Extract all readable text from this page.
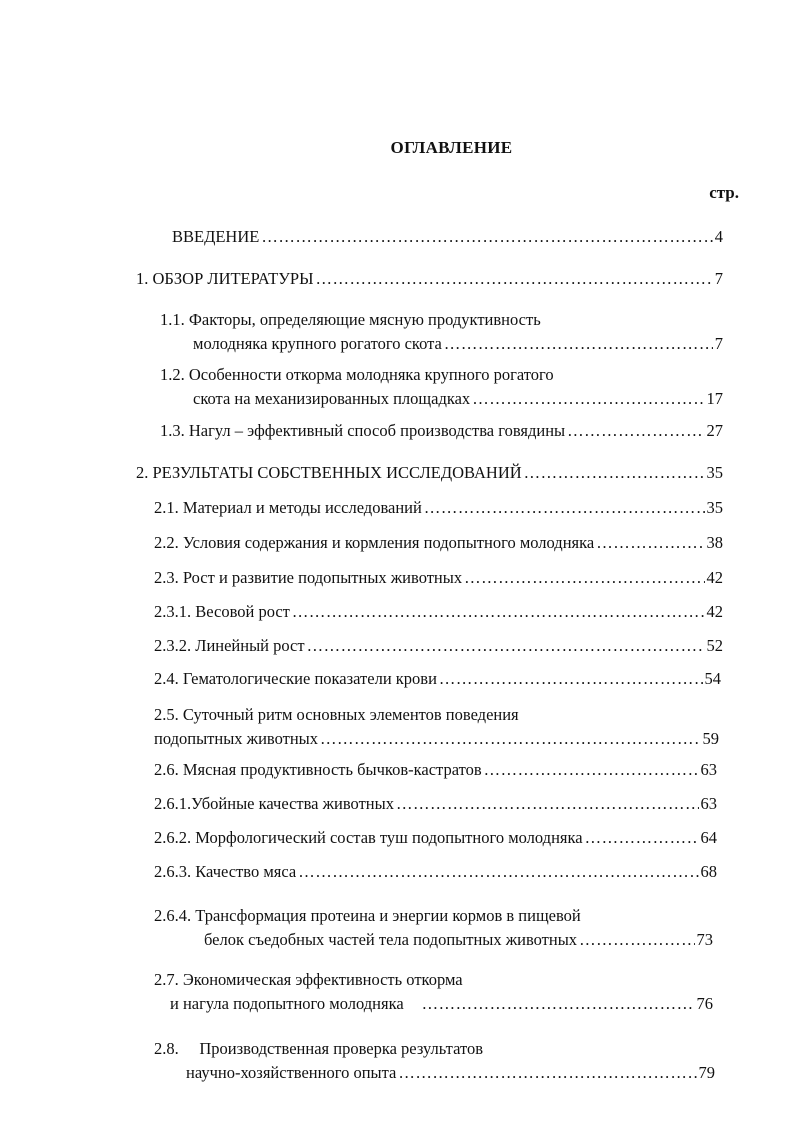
ОГЛАВЛЕНИЕ
стр.
ВВЕДЕНИЕ ……………………………………………………………………………………………………………………………………………………………………………………	4
1. ОБЗОР ЛИТЕРАТУРЫ ……………………………………………………………………………………………………………………………………………………………………………………	7
1.1. Факторы, определяющие мясную продуктивность
молодняка крупного рогатого скота ……………………………………………………………………………………………………………………………………………………………………………………	7
1.2. Особенности откорма молодняка крупного рогатого
скота на механизированных площадках ……………………………………………………………………………………………………………………………………………………………………………………	17
1.3. Нагул – эффективный способ производства говядины ……………………………………………………………………………………………………………………………………………………………………………………	27
2. РЕЗУЛЬТАТЫ СОБСТВЕННЫХ ИССЛЕДОВАНИЙ ……………………………………………………………………………………………………………………………………………………………………………………	35
2.1. Материал и методы исследований ……………………………………………………………………………………………………………………………………………………………………………………	35
2.2. Условия содержания и кормления подопытного молодняка ……………………………………………………………………………………………………………………………………………………………………………………	38
2.3. Рост и развитие подопытных животных ……………………………………………………………………………………………………………………………………………………………………………………	42
2.3.1. Весовой рост ……………………………………………………………………………………………………………………………………………………………………………………	42
2.3.2. Линейный рост ……………………………………………………………………………………………………………………………………………………………………………………	52
2.4. Гематологические показатели крови ……………………………………………………………………………………………………………………………………………………………………………………	54
2.5. Суточный ритм основных элементов поведения
подопытных животных ……………………………………………………………………………………………………………………………………………………………………………………	59
2.6. Мясная продуктивность бычков-кастратов ……………………………………………………………………………………………………………………………………………………………………………………	63
2.6.1.Убойные качества животных ……………………………………………………………………………………………………………………………………………………………………………………	63
2.6.2. Морфологический состав туш подопытного молодняка ……………………………………………………………………………………………………………………………………………………………………………………	64
2.6.3. Качество мяса ……………………………………………………………………………………………………………………………………………………………………………………	68
2.6.4. Трансформация протеина и энергии кормов в пищевой
белок съедобных частей тела подопытных животных ……………………………………………………………………………………………………………………………………………………………………………………	73
2.7. Экономическая эффективность откорма
и нагула подопытного молодняка ……………………………………………………………………………………………………………………………………………………………………………………	76
2.8.     Производственная проверка результатов
научно-хозяйственного опыта ……………………………………………………………………………………………………………………………………………………………………………………	79
